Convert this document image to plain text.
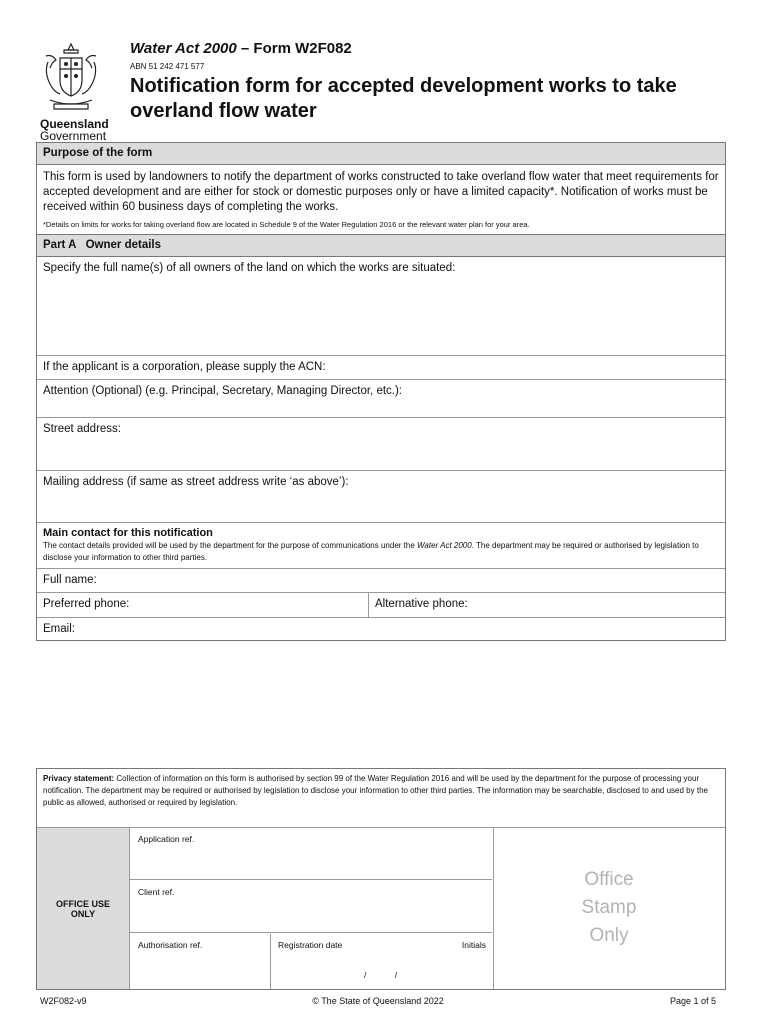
Queensland
Government
Water Act 2000 – Form W2F082
ABN 51 242 471 577
Notification form for accepted development works to take overland flow water
Purpose of the form
This form is used by landowners to notify the department of works constructed to take overland flow water that meet requirements for accepted development and are either for stock or domestic purposes only or have a limited capacity*. Notification of works must be received within 60 business days of completing the works.
*Details on limits for works for taking overland flow are located in Schedule 9 of the Water Regulation 2016 or the relevant water plan for your area.
Part A   Owner details
Specify the full name(s) of all owners of the land on which the works are situated:
If the applicant is a corporation, please supply the ACN:
Attention (Optional) (e.g. Principal, Secretary, Managing Director, etc.):
Street address:
Mailing address (if same as street address write ‘as above’):
Main contact for this notification
The contact details provided will be used by the department for the purpose of communications under the Water Act 2000. The department may be required or authorised by legislation to disclose your information to other third parties.
Full name:
Preferred phone:	Alternative phone:
Email:
Privacy statement: Collection of information on this form is authorised by section 99 of the Water Regulation 2016 and will be used by the department for the purpose of processing your notification. The department may be required or authorised by legislation to disclose your information to other third parties. The information may be searchable, disclosed to and used by the public as allowed, authorised or required by legislation.
OFFICE USE ONLY
Application ref.
Client ref.
Authorisation ref.	Registration date	Initials
/            /
Office
Stamp
Only
W2F082-v9	© The State of Queensland 2022	Page 1 of 5
